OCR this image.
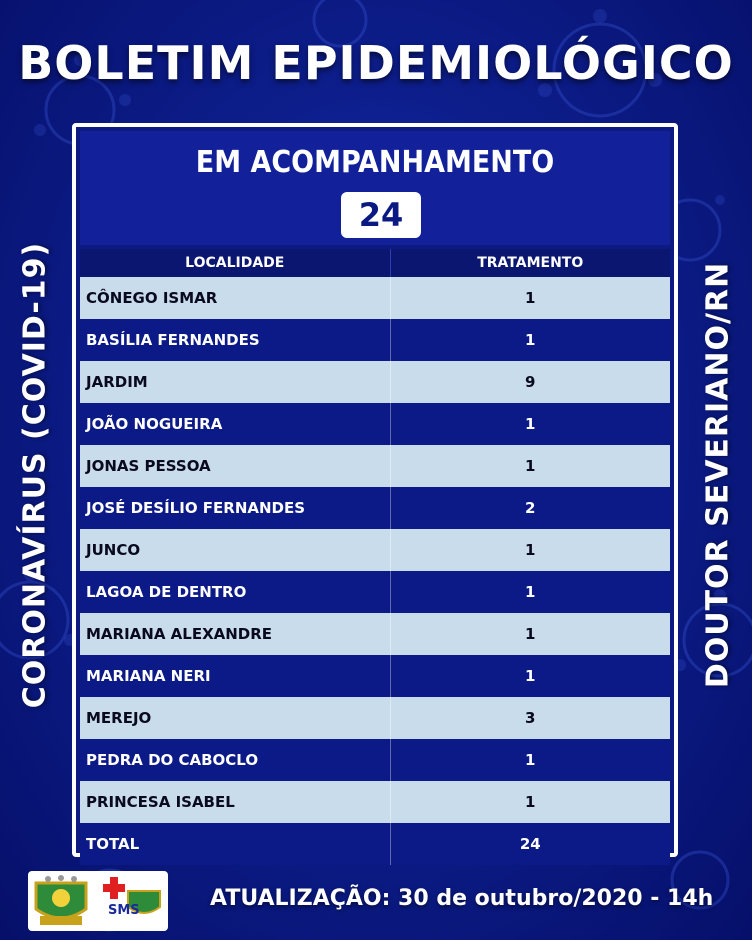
BOLETIM EPIDEMIOLÓGICO
CORONAVÍRUS (COVID-19)	DOUTOR SEVERIANO/RN
EM ACOMPANHAMENTO
24
LOCALIDADE	TRATAMENTO
CÔNEGO ISMAR	1
BASÍLIA FERNANDES	1
JARDIM	9
JOÃO NOGUEIRA	1
JONAS PESSOA	1
JOSÉ DESÍLIO FERNANDES	2
JUNCO	1
LAGOA DE DENTRO	1
MARIANA ALEXANDRE	1
MARIANA NERI	1
MEREJO	3
PEDRA DO CABOCLO	1
PRINCESA ISABEL	1
TOTAL	24
SMS	ATUALIZAÇÃO: 30 de outubro/2020 - 14h
